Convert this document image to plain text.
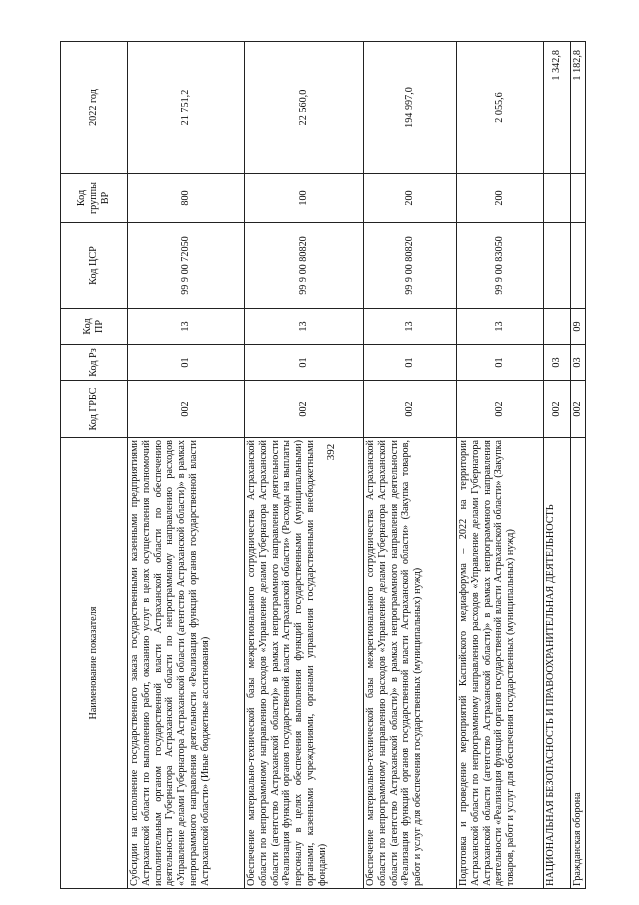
392
Наименование показателя	Код ГРБС	Код Рз	Код ПР	Код ЦСР	Код группы ВР	2022 год
Субсидии на исполнение государственного заказа государственными казенными предприятиями Астраханской области по выполнению работ, оказанию услуг в целях осуществления полномочий исполнительным органом государственной власти Астраханской области по обеспечению деятельности Губернатора Астраханской области по непрограммному направлению расходов «Управление делами Губернатора Астраханской области (агентство Астраханской области)» в рамках непрограммного направления деятельности «Реализация функций органов государственной власти Астраханской области» (Иные бюджетные ассигнования)	002	01	13	99 9 00 72050	800	21 751,2
Обеспечение материально-технической базы межрегионального сотрудничества Астраханской области по непрограммному направлению расходов «Управление делами Губернатора Астраханской области (агентство Астраханской области)» в рамках непрограммного направления деятельности «Реализация функций органов государственной власти Астраханской области» (Расходы на выплаты персоналу в целях обеспечения выполнения функций государственными (муниципальными) органами, казенными учреждениями, органами управления государственными внебюджетными фондами)	002	01	13	99 9 00 80820	100	22 560,0
Обеспечение материально-технической базы межрегионального сотрудничества Астраханской области по непрограммному направлению расходов «Управление делами Губернатора Астраханской области (агентство Астраханской области)» в рамках непрограммного направления деятельности «Реализация функций органов государственной власти Астраханской области» (Закупка товаров, работ и услуг для обеспечения государственных (муниципальных) нужд)	002	01	13	99 9 00 80820	200	194 997,0
Подготовка и проведение мероприятий Каспийского медиафорума – 2022 на территории Астраханской области по непрограммному направлению расходов «Управление делами Губернатора Астраханской области (агентство Астраханской области)» в рамках непрограммного направления деятельности «Реализация функций органов государственной власти Астраханской области» (Закупка товаров, работ и услуг для обеспечения государственных (муниципальных) нужд)	002	01	13	99 9 00 83050	200	2 055,6
НАЦИОНАЛЬНАЯ БЕЗОПАСНОСТЬ И ПРАВООХРАНИТЕЛЬНАЯ ДЕЯТЕЛЬНОСТЬ	002	03				1 342,8
Гражданская оборона	002	03	09			1 182,8
